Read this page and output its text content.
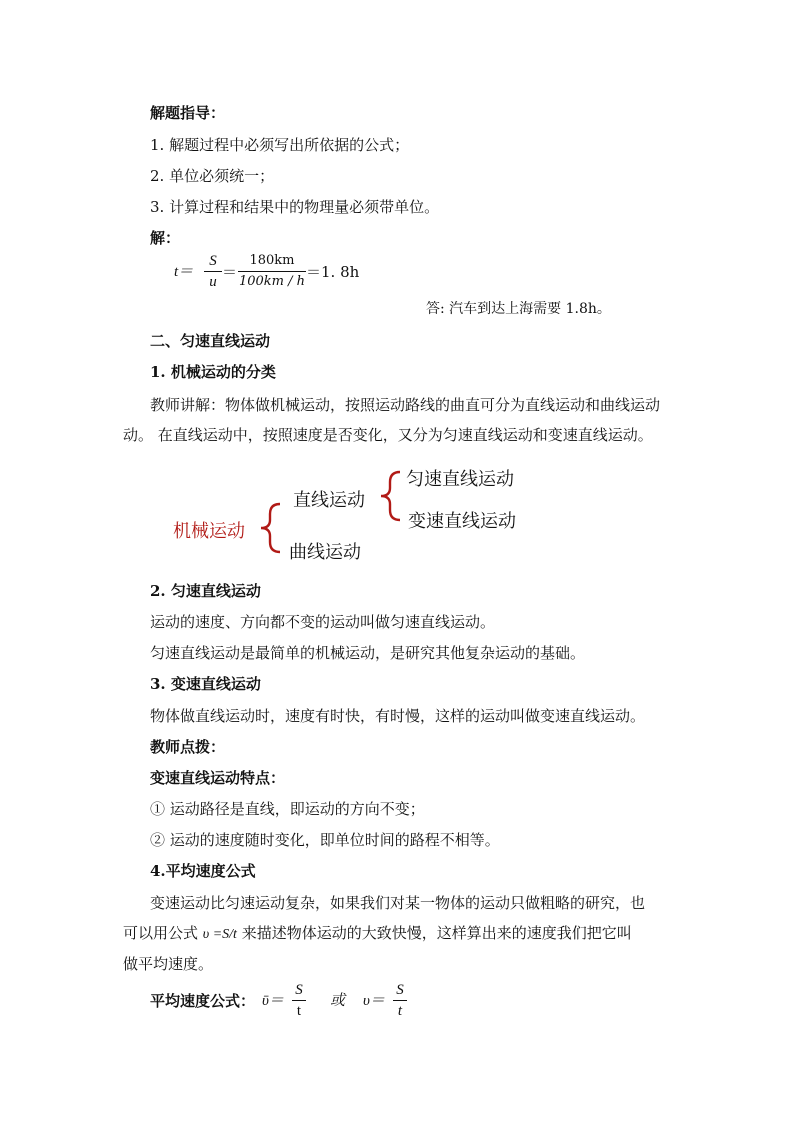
解题指导：
1. 解题过程中必须写出所依据的公式；
2. 单位必须统一；
3. 计算过程和结果中的物理量必须带单位。
解：
t＝
S
u
＝
180km
100km / h
＝1. 8h
答: 汽车到达上海需要 1.8h。
二、匀速直线运动
1. 机械运动的分类
教师讲解：物体做机械运动，按照运动路线的曲直可分为直线运动和曲线运动
动。 在直线运动中，按照速度是否变化，又分为匀速直线运动和变速直线运动。
机械运动
直线运动
曲线运动
匀速直线运动
变速直线运动
2. 匀速直线运动
运动的速度、方向都不变的运动叫做匀速直线运动。
匀速直线运动是最简单的机械运动，是研究其他复杂运动的基础。
3. 变速直线运动
物体做直线运动时，速度有时快，有时慢，这样的运动叫做变速直线运动。
教师点拨：
变速直线运动特点：
① 运动路径是直线，即运动的方向不变；
② 运动的速度随时变化，即单位时间的路程不相等。
4.平均速度公式
变速运动比匀速运动复杂，如果我们对某一物体的运动只做粗略的研究，也
可以用公式 υ =S/t 来描述物体运动的大致快慢，这样算出来的速度我们把它叫
做平均速度。
平均速度公式： ῡ＝
S
t
或 υ＝
S
t
